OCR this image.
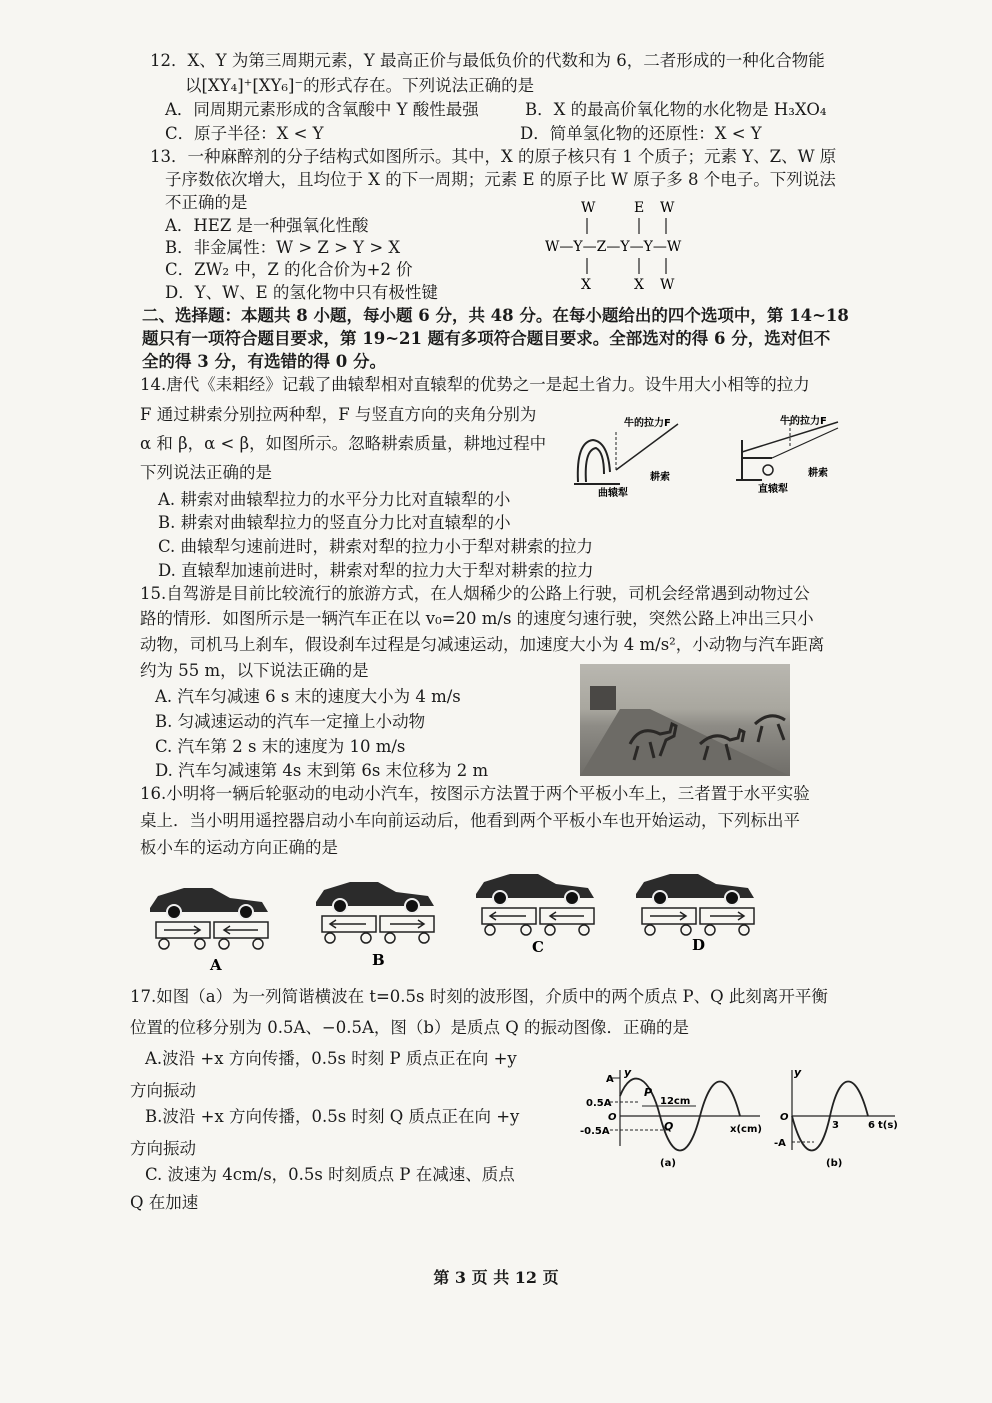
12．X、Y 为第三周期元素，Y 最高正价与最低负价的代数和为 6，二者形成的一种化合物能
以[XY₄]⁺[XY₆]⁻的形式存在。下列说法正确的是
A．同周期元素形成的含氧酸中 Y 酸性最强	B．X 的最高价氧化物的水化物是 H₃XO₄
C．原子半径：X < Y	D．简单氢化物的还原性：X < Y
13．一种麻醉剂的分子结构式如图所示。其中，X 的原子核只有 1 个质子；元素 Y、Z、W 原
子序数依次增大，且均位于 X 的下一周期；元素 E 的原子比 W 原子多 8 个电子。下列说法
不正确的是
A．HEZ 是一种强氧化性酸
B．非金属性：W > Z > Y > X
C．ZW₂ 中，Z 的化合价为+2 价
D．Y、W、E 的氢化物中只有极性键
W	E W
W—Y—Z—Y—Y—W
X	X W
二、选择题：本题共 8 小题，每小题 6 分，共 48 分。在每小题给出的四个选项中，第 14~18
题只有一项符合题目要求，第 19~21 题有多项符合题目要求。全部选对的得 6 分，选对但不
全的得 3 分，有选错的得 0 分。
14.唐代《耒耜经》记载了曲辕犁相对直辕犁的优势之一是起土省力。设牛用大小相等的拉力
F 通过耕索分别拉两种犁，F 与竖直方向的夹角分别为
α 和 β，α < β，如图所示。忽略耕索质量，耕地过程中
下列说法正确的是
A. 耕索对曲辕犁拉力的水平分力比对直辕犁的小
B. 耕索对曲辕犁拉力的竖直分力比对直辕犁的小
C. 曲辕犁匀速前进时，耕索对犁的拉力小于犁对耕索的拉力
D. 直辕犁加速前进时，耕索对犁的拉力大于犁对耕索的拉力
牛的拉力F
耕索
曲辕犁
牛的拉力F
耕索
直辕犁
15.自驾游是目前比较流行的旅游方式，在人烟稀少的公路上行驶，司机会经常遇到动物过公
路的情形．如图所示是一辆汽车正在以 v₀=20 m/s 的速度匀速行驶，突然公路上冲出三只小
动物，司机马上刹车，假设刹车过程是匀减速运动，加速度大小为 4 m/s²，小动物与汽车距离
约为 55 m，以下说法正确的是
A. 汽车匀减速 6 s 末的速度大小为 4 m/s
B. 匀减速运动的汽车一定撞上小动物
C. 汽车第 2 s 末的速度为 10 m/s
D. 汽车匀减速第 4s 末到第 6s 末位移为 2 m
16.小明将一辆后轮驱动的电动小汽车，按图示方法置于两个平板小车上，三者置于水平实验
桌上．当小明用遥控器启动小车向前运动后，他看到两个平板小车也开始运动，下列标出平
板小车的运动方向正确的是
A	B
C	D
17.如图（a）为一列简谐横波在 t=0.5s 时刻的波形图，介质中的两个质点 P、Q 此刻离开平衡
位置的位移分别为 0.5A、−0.5A，图（b）是质点 Q 的振动图像．正确的是
A.波沿 +x 方向传播，0.5s 时刻 P 质点正在向 +y
方向振动
B.波沿 +x 方向传播，0.5s 时刻 Q 质点正在向 +y
方向振动
C. 波速为 4cm/s，0.5s 时刻质点 P 在减速、质点
Q 在加速
y
A
0.5A
O
-0.5A
P
Q
12cm
x(cm)
(a)
y
O
3	6 t(s)
-A
(b)
第 3 页 共 12 页
